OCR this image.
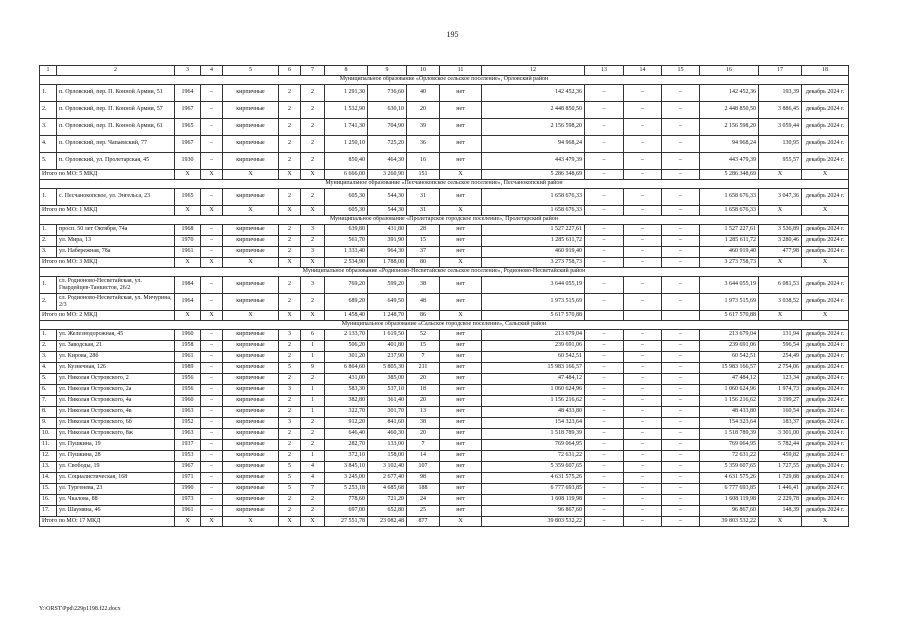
195
1	2	3	4	5	6	7	8	9	10	11	12	13	14	15	16	17	18
Муниципальное образование «Орловское сельское поселение», Орловский район																	
1.	п. Орловский, пер. П. Конной Армии, 51	1964	–	кирпичные	2	2	1 291,30	736,60	40	нет	142 452,36	–	–	–	142 452,36	193,39	декабрь 2024 г.
2.	п. Орловский, пер. П. Конной Армии, 57	1967	–	кирпичные	2	2	1 532,90	630,10	20	нет	2 448 850,50	–	–	–	2 448 850,50	3 886,45	декабрь 2024 г.
3.	п. Орловский, пер. П. Конной Армии, 61	1965	–	кирпичные	2	2	1 741,30	704,90	39	нет	2 156 598,20	–	–	–	2 156 598,20	3 059,44	декабрь 2024 г.
4.	п. Орловский, пер. Чапаевский, 77	1967	–	кирпичные	2	2	1 250,10	725,20	36	нет	94 968,24	–	–	–	94 968,24	130,95	декабрь 2024 г.
5.	п. Орловский, ул. Пролетарская, 45	1930	–	кирпичные	2	2	850,40	464,30	16	нет	443 479,39	–	–	–	443 479,39	955,57	декабрь 2024 г.
Итого по МО: 5 МКД		X	X	X	X	X	6 666,00	3 260,90	151	X	5 286 348,69	–	–	–	5 286 348,69	X	X
Муниципальное образование «Песчанокопское сельское поселение», Песчанокопский район																	
1.	с. Песчанокопское, ул. Энгельса, 23	1965	–	кирпичные	2	2	605,30	544,30	31	нет	1 658 676,33	–	–	–	1 658 676,33	3 047,36	декабрь 2024 г.
Итого по МО: 1 МКД		X	X	X	X	X	605,30	544,30	31	X	1 658 676,33	–	–	–	1 658 676,33	X	X
Муниципальное образование «Пролетарское городское поселение», Пролетарский район																	
1.	просп. 50 лет Октября, 74а	1968	–	кирпичные	2	3	639,80	431,80	28	нет	1 527 227,61	–	–	–	1 527 227,61	3 536,89	декабрь 2024 г.
2.	ул. Мира, 13	1970	–	кирпичные	2	2	561,70	391,90	15	нет	1 285 611,72	–	–	–	1 285 611,72	3 280,46	декабрь 2024 г.
3.	ул. Набережная, 78а	1961	–	кирпичные	2	3	1 333,40	964,30	37	нет	460 919,40	–	–	–	460 919,40	477,98	декабрь 2024 г.
Итого по МО: 3 МКД		X	X	X	X	X	2 534,90	1 788,00	80	X	3 273 758,73	–	–	–	3 273 758,73	X	X
Муниципальное образование «Родионово-Несветайское сельское поселение», Родионово-Несветайский район																	
1.	сл. Родионово-Несветайская, ул. Гвардейцев-Танкистов, 26/2	1984	–	кирпичные	2	3	769,20	599,20	38	нет	3 644 055,19	–	–	–	3 644 055,19	6 081,53	декабрь 2024 г.
2.	сл. Родионово-Несветайская, ул. Мичурина, 2/3	1964	–	кирпичные	2	2	689,20	649,50	48	нет	1 973 515,69	–	–	–	1 973 515,69	3 038,52	декабрь 2024 г.
Итого по МО: 2 МКД		X	X	X	X	X	1 458,40	1 248,70	86	X	5 617 570,88				5 617 570,88	X	X
Муниципальное образование «Сальское городское поселение», Сальский район																	
1.	ул. Железнодорожная, 45	1960	–	кирпичные	3	6	2 133,70	1 619,50	52	нет	213 679,04	–	–	–	213 679,04	131,94	декабрь 2024 г.
2.	ул. Заводская, 21	1958	–	кирпичные	2	1	506,20	401,80	15	нет	239 691,06	–	–	–	239 691,06	596,54	декабрь 2024 г.
3.	ул. Кирова, 28б	1961	–	кирпичные	2	1	301,20	237,90	7	нет	60 542,51	–	–	–	60 542,51	254,49	декабрь 2024 г.
4.	ул. Кузнечная, 126	1989	–	кирпичные	5	9	6 864,60	5 805,30	211	нет	15 983 166,57	–	–	–	15 983 166,57	2 754,06	декабрь 2024 г.
5.	ул. Николая Островского, 2	1956	–	кирпичные	2	2	431,00	385,00	20	нет	47 484,12	–	–	–	47 484,12	123,34	декабрь 2024 г.
6.	ул. Николая Островского, 2а	1956	–	кирпичные	3	1	583,30	537,10	18	нет	1 060 624,96	–	–	–	1 060 624,96	1 974,73	декабрь 2024 г.
7.	ул. Николая Островского, 4а	1960	–	кирпичные	2	1	382,80	361,40	20	нет	1 156 216,62	–	–	–	1 156 216,62	3 199,27	декабрь 2024 г.
8.	ул. Николая Островского, 4в	1963	–	кирпичные	2	1	322,70	301,70	13	нет	48 433,80	–	–	–	48 433,80	160,54	декабрь 2024 г.
9.	ул. Николая Островского, 6б	1952	–	кирпичные	3	2	912,20	841,60	38	нет	154 323,64	–	–	–	154 323,64	183,37	декабрь 2024 г.
10.	ул. Николая Островского, 8ж	1963	–	кирпичные	2	2	646,40	460,30	20	нет	1 518 789,39	–	–	–	1 518 789,39	3 301,00	декабрь 2024 г.
11.	ул. Пушкина, 19	1937	–	кирпичные	2	2	282,70	133,00	7	нет	769 064,95	–	–	–	769 064,95	5 782,44	декабрь 2024 г.
12.	ул. Пушкина, 28	1953	–	кирпичные	2	1	372,10	158,00	14	нет	72 631,22	–	–	–	72 631,22	459,82	декабрь 2024 г.
13.	ул. Свободы, 19	1967	–	кирпичные	5	4	3 845,10	3 102,40	107	нет	5 359 607,65	–	–	–	5 359 607,65	1 727,55	декабрь 2024 г.
14.	ул. Социалистическая, 168	1971	–	кирпичные	5	4	3 245,00	2 677,40	98	нет	4 631 575,26	–	–	–	4 631 575,26	1 729,88	декабрь 2024 г.
15.	ул. Тургенева, 23	1990	–	кирпичные	5	7	5 253,18	4 685,68	188	нет	6 777 693,85	–	–	–	6 777 693,85	1 446,41	декабрь 2024 г.
16.	ул. Чкалова, 88	1973	–	кирпичные	2	2	778,60	721,20	24	нет	1 608 119,98	–	–	–	1 608 119,98	2 229,78	декабрь 2024 г.
17.	ул. Шаумяна, 46	1961	–	кирпичные	2	2	697,00	652,80	25	нет	96 867,60	–	–	–	96 867,60	148,39	декабрь 2024 г.
Итого по МО: 17 МКД		X	X	X	X	X	27 551,78	23 082,48	877	X	39 803 532,22	–	–	–	39 803 532,22	X	X
Y:\ORST\Ppd\229p1198.f22.docx
